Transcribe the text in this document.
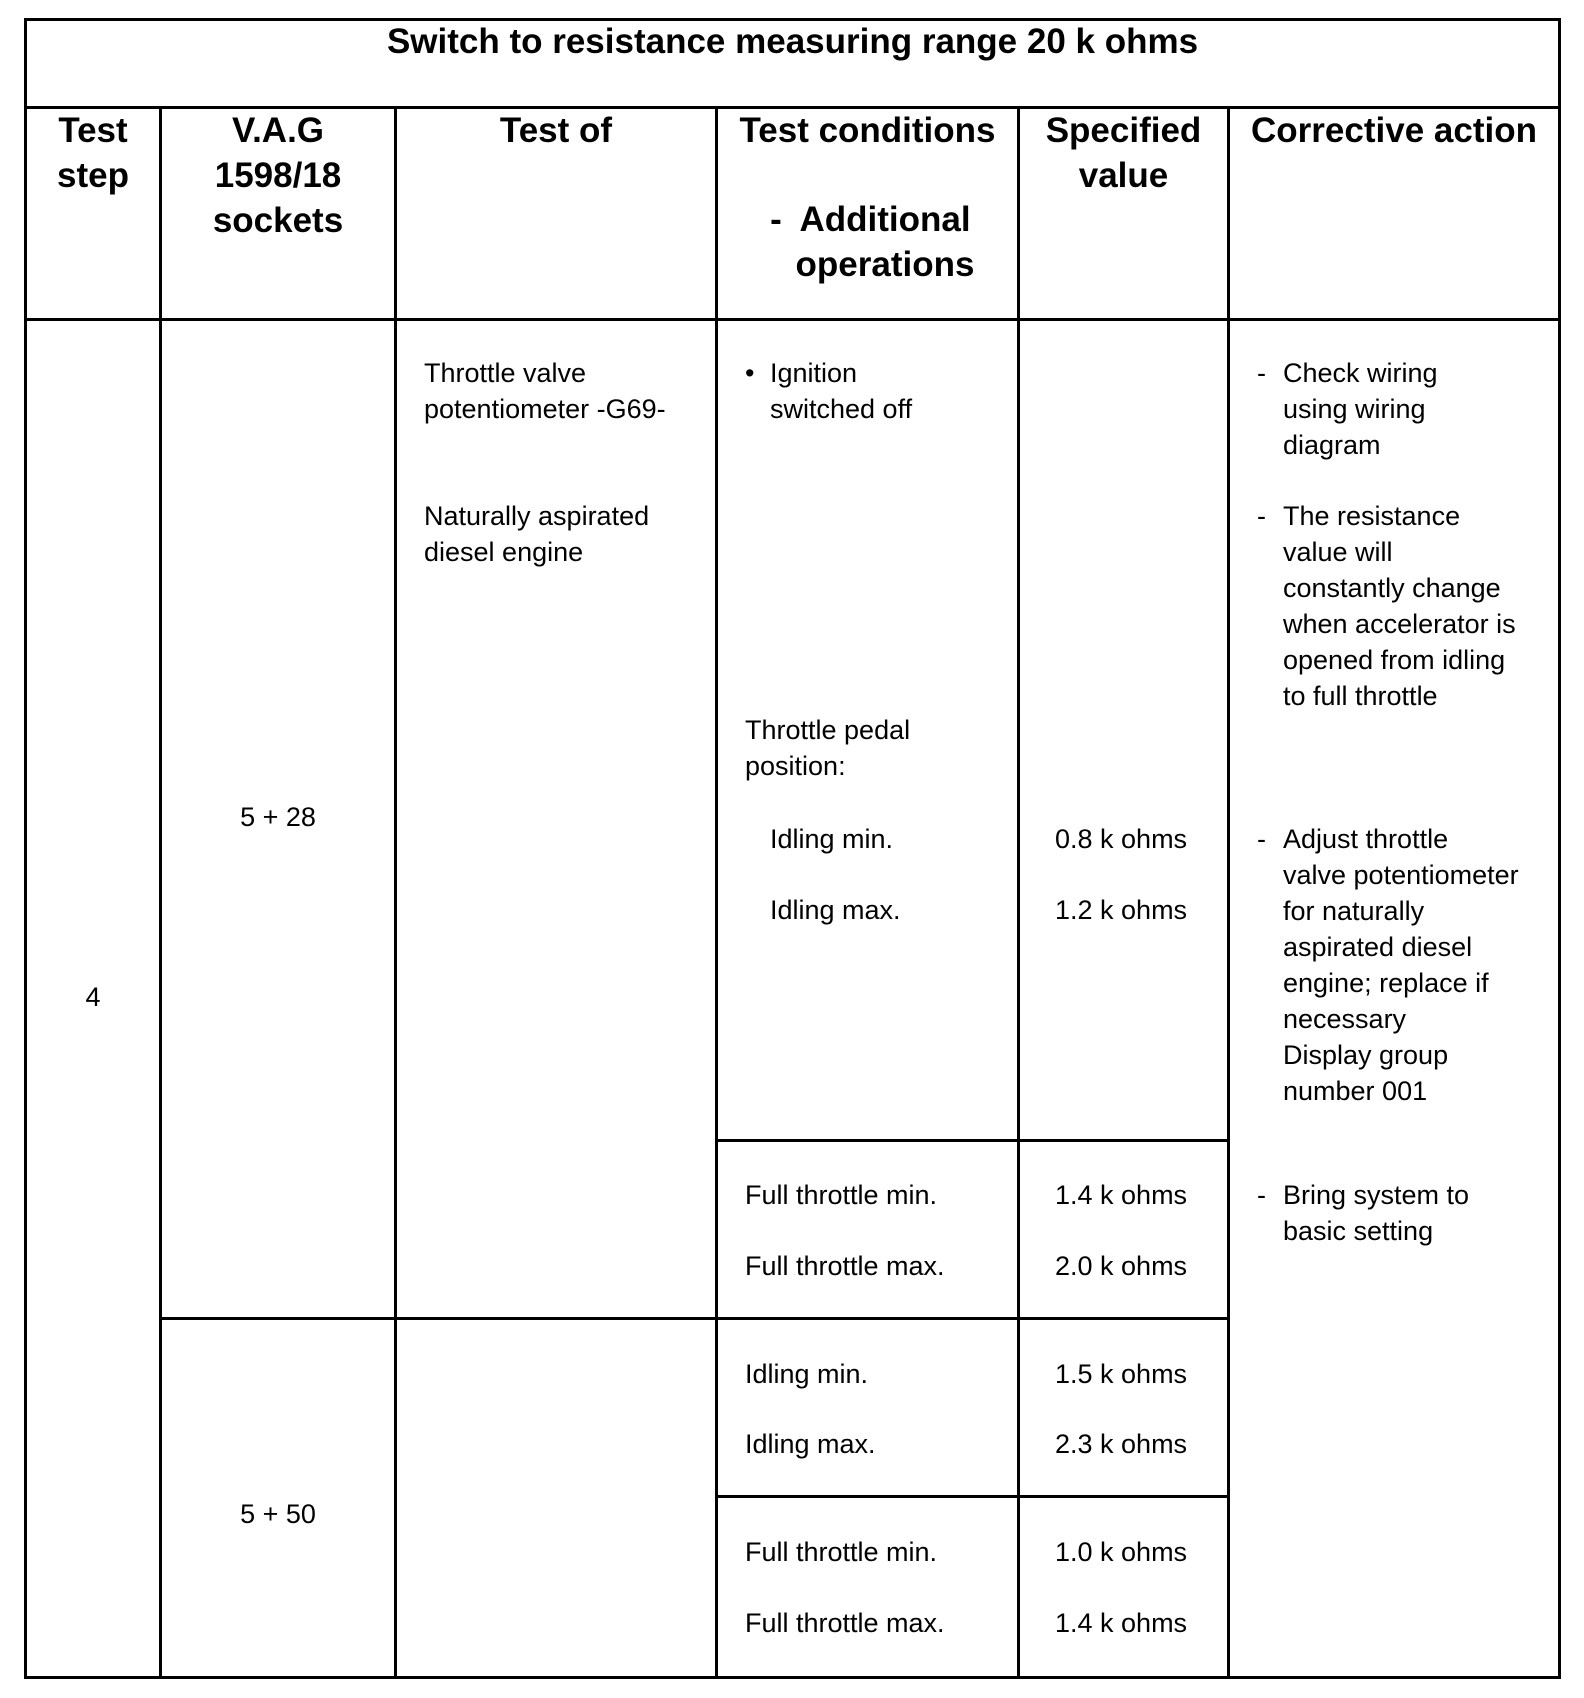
Switch to resistance measuring range 20 k ohms
Test
step
V.A.G
1598/18
sockets
Test of	Test conditions
- Additional
operations
Specified
value
Corrective action
4
5 + 28
5 + 50
Throttle valve
potentiometer -G69-
Naturally aspirated
diesel engine
• Ignition
switched off
Throttle pedal
position:
Idling min.
Idling max.
0.8 k ohms
1.2 k ohms
Full throttle min.
Full throttle max.
1.4 k ohms
2.0 k ohms
Idling min.
Idling max.
1.5 k ohms
2.3 k ohms
Full throttle min.
Full throttle max.
1.0 k ohms
1.4 k ohms
- Check wiring
using wiring
diagram
- The resistance
value will
constantly change
when accelerator is
opened from idling
to full throttle
- Adjust throttle
valve potentiometer
for naturally
aspirated diesel
engine; replace if
necessary
Display group
number 001
- Bring system to
basic setting
